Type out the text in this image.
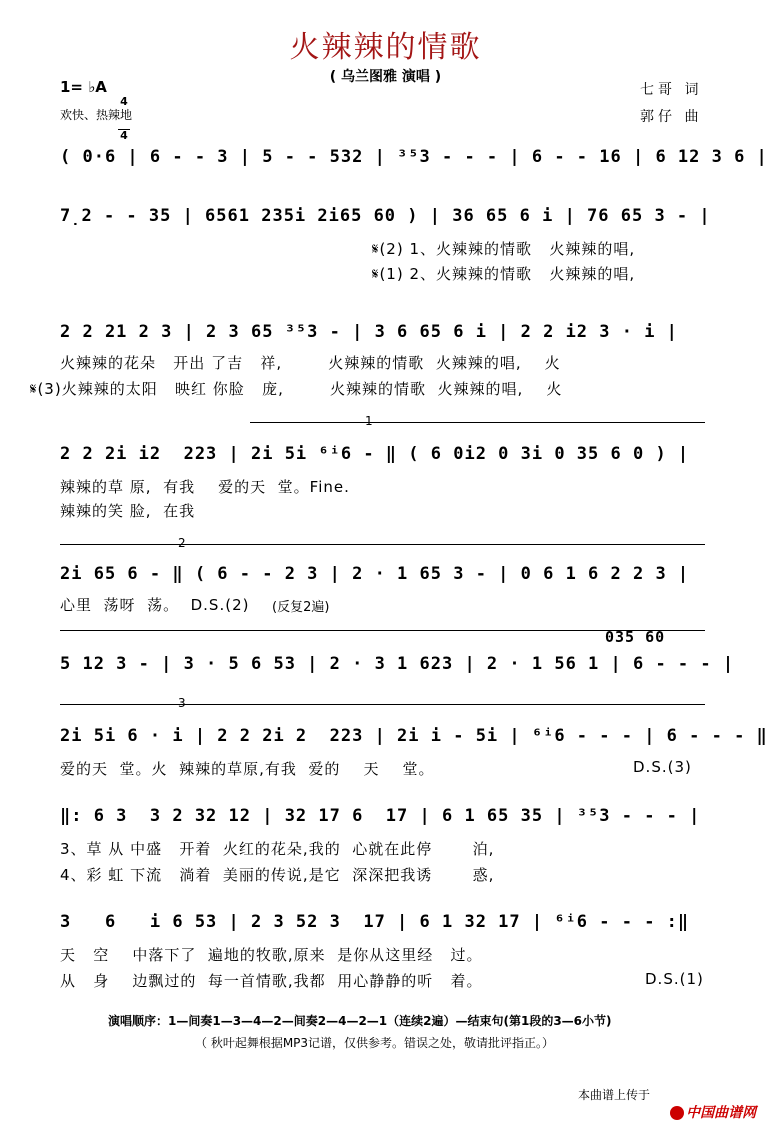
火辣辣的情歌
( 乌兰图雅 演唱 )
1= ♭A

$\frac{4}{4}$

欢快、热辣地
七哥 词
郭仔 曲
( 0·6 | 6 - - 3 | 5 - - 532 | ³⁵3 - - - | 6 - - 16 | 6 12 3 6 |
7̣2 - - 35 | 6561 235i 2i65 60 ) | 36 65 6 i | 76 65 3 - |
𝄋(2) 1、火辣辣的情歌   火辣辣的唱,
𝄋(1) 2、火辣辣的情歌   火辣辣的唱,
2 2 21 2 3 | 2 3 65 ³⁵3 - | 3 6 65 6 i | 2 2 i2 3 · i |
火辣辣的花朵   开出 了吉   祥,        火辣辣的情歌  火辣辣的唱,    火
𝄋(3)火辣辣的太阳   映红 你脸   庞,        火辣辣的情歌  火辣辣的唱,    火
1
2 2 2i i2  223 | 2i 5i ⁶ⁱ6 - ‖ ( 6 0i2 0 3i 0 35 6 0 ) |
辣辣的草 原,  有我    爱的天  堂。Fine.
辣辣的笑 脸,  在我
2
2i 65 6 - ‖ ( 6 - - 2 3 | 2 · 1 65 3 - | 0 6 1 6 2 2 3 |
心里  荡呀  荡。  D.S.(2) (反复2遍)
035 60
5 12 3 - | 3 · 5 6 53 | 2 · 3 1 623 | 2 · 1 56 1 | 6 - - - |
3
2i 5i 6 · i | 2 2 2i 2  223 | 2i i - 5i | ⁶ⁱ6 - - - | 6 - - - ‖
爱的天  堂。火  辣辣的草原,有我  爱的    天    堂。	D.S.(3)
‖: 6 3  3 2 32 12 | 32 17 6  17 | 6 1 65 35 | ³⁵3 - - - |
3、草 从 中盛   开着  火红的花朵,我的  心就在此停       泊,
4、彩 虹 下流   淌着  美丽的传说,是它  深深把我诱       惑,
3   6   i 6 53 | 2 3 52 3  17 | 6 1 32 17 | ⁶ⁱ6 - - - :‖
天   空    中落下了  遍地的牧歌,原来  是你从这里经   过。
从   身    边飘过的  每一首情歌,我都  用心静静的听   着。	D.S.(1)
演唱顺序：1—间奏1—3—4—2—间奏2—4—2—1（连续2遍）—结束句(第1段的3—6小节)
（ 秋叶起舞根据MP3记谱，仅供参考。错误之处，敬请批评指正。）
本曲谱上传于

中国曲谱网
